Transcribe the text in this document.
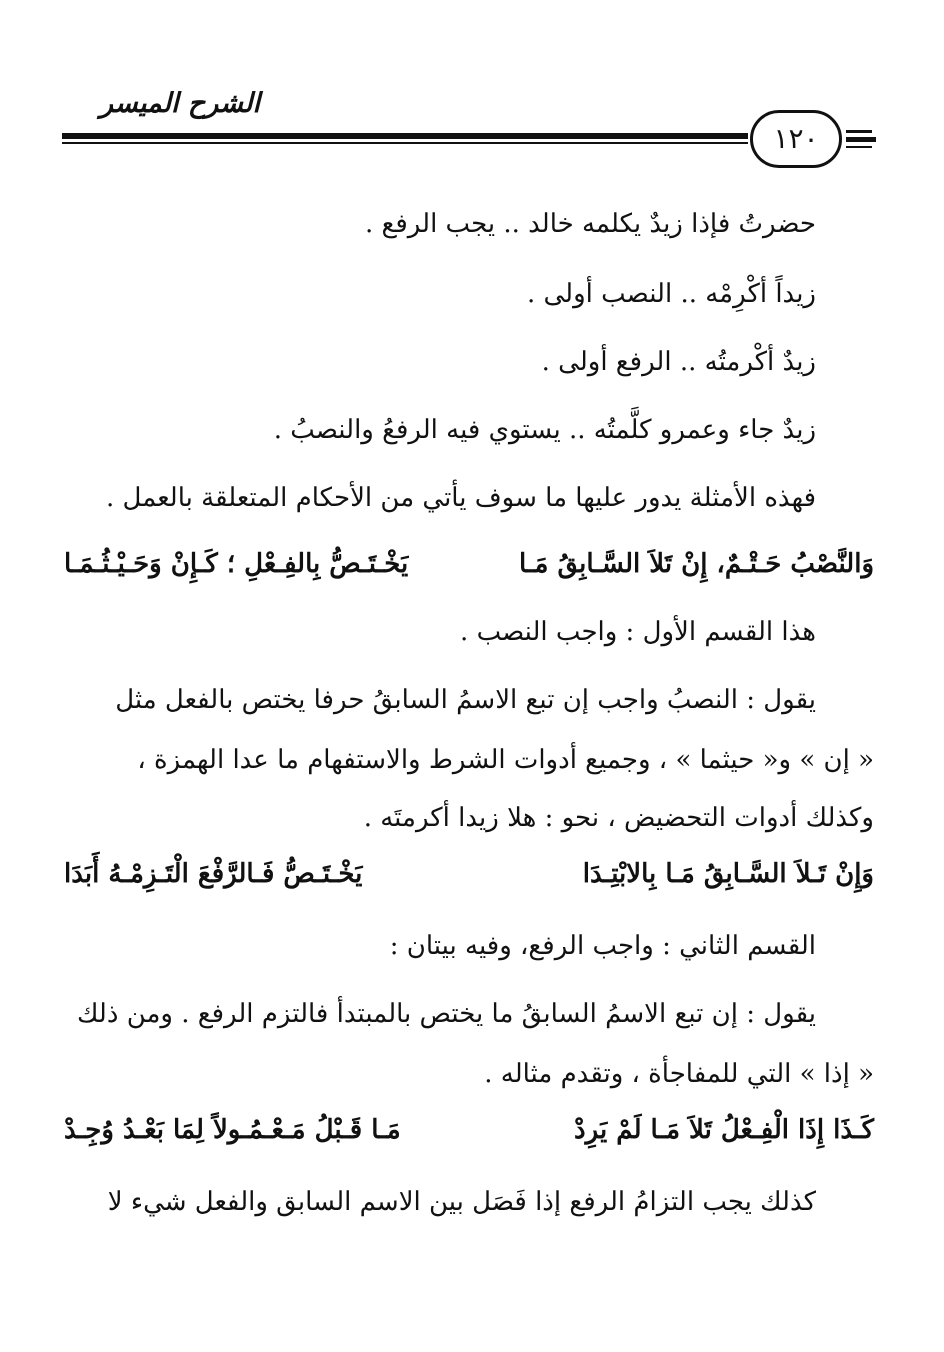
الشرح الميسر
١٢٠
حضرتُ فإذا زيدٌ يكلمه خالد .. يجب الرفع .
زيداً أكْرِمْه .. النصب أولى .
زيدٌ أكْرمتُه .. الرفع أولى .
زيدٌ جاء وعمرو كلَّمتُه .. يستوي فيه الرفعُ والنصبُ .
فهذه الأمثلة يدور عليها ما سوف يأتي من الأحكام المتعلقة بالعمل .
وَالنَّصْبُ حَـتْـمٌ، إِنْ تَلاَ السَّـابِقُ مَـا
يَخْـتَـصُّ بِالفِـعْلِ ؛ كَـإِنْ وَحَـيْـثُـمَـا
هذا القسم الأول : واجب النصب .
يقول : النصبُ واجب إن تبع الاسمُ السابقُ حرفا يختص بالفعل مثل
« إن » و« حيثما » ، وجميع أدوات الشرط والاستفهام ما عدا الهمزة ،
وكذلك أدوات التحضيض ، نحو : هلا زيدا أكرمتَه .
وَإِنْ تَـلاَ السَّـابِقُ مَـا بِالابْتِـدَا
يَخْـتَـصُّ فَـالرَّفْعَ الْتَـزِمْـهُ أَبَدَا
القسم الثاني : واجب الرفع، وفيه بيتان :
يقول : إن تبع الاسمُ السابقُ ما يختص بالمبتدأ فالتزم الرفع . ومن ذلك
« إذا » التي للمفاجأة ، وتقدم مثاله .
كَـذَا إِذَا الْفِـعْلُ تَلاَ مَـا لَمْ يَرِدْ
مَـا قَـبْلُ مَـعْـمُـولاً لِمَا بَعْـدُ وُجِـدْ
كذلك يجب التزامُ الرفع إذا فَصَل بين الاسم السابق والفعل شيء لا
